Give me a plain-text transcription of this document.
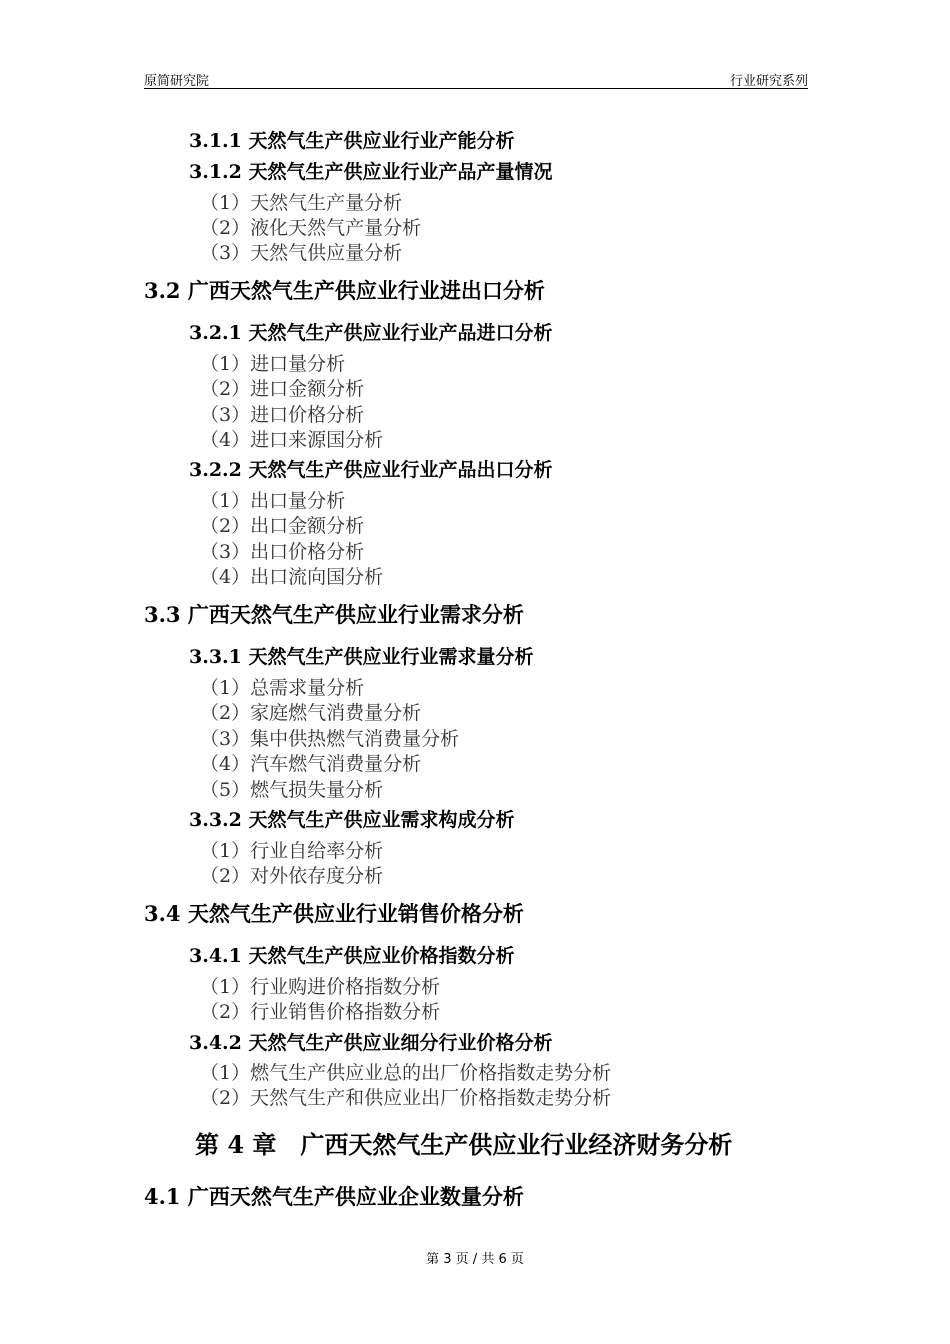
原简研究院	行业研究系列
3.1.1 天然气生产供应业行业产能分析
3.1.2 天然气生产供应业行业产品产量情况
（1）天然气生产量分析
（2）液化天然气产量分析
（3）天然气供应量分析
3.2 广西天然气生产供应业行业进出口分析
3.2.1 天然气生产供应业行业产品进口分析
（1）进口量分析
（2）进口金额分析
（3）进口价格分析
（4）进口来源国分析
3.2.2 天然气生产供应业行业产品出口分析
（1）出口量分析
（2）出口金额分析
（3）出口价格分析
（4）出口流向国分析
3.3 广西天然气生产供应业行业需求分析
3.3.1 天然气生产供应业行业需求量分析
（1）总需求量分析
（2）家庭燃气消费量分析
（3）集中供热燃气消费量分析
（4）汽车燃气消费量分析
（5）燃气损失量分析
3.3.2 天然气生产供应业需求构成分析
（1）行业自给率分析
（2）对外依存度分析
3.4 天然气生产供应业行业销售价格分析
3.4.1 天然气生产供应业价格指数分析
（1）行业购进价格指数分析
（2）行业销售价格指数分析
3.4.2 天然气生产供应业细分行业价格分析
（1）燃气生产供应业总的出厂价格指数走势分析
（2）天然气生产和供应业出厂价格指数走势分析
第 4 章　广西天然气生产供应业行业经济财务分析
4.1 广西天然气生产供应业企业数量分析
第 3 页 / 共 6 页
